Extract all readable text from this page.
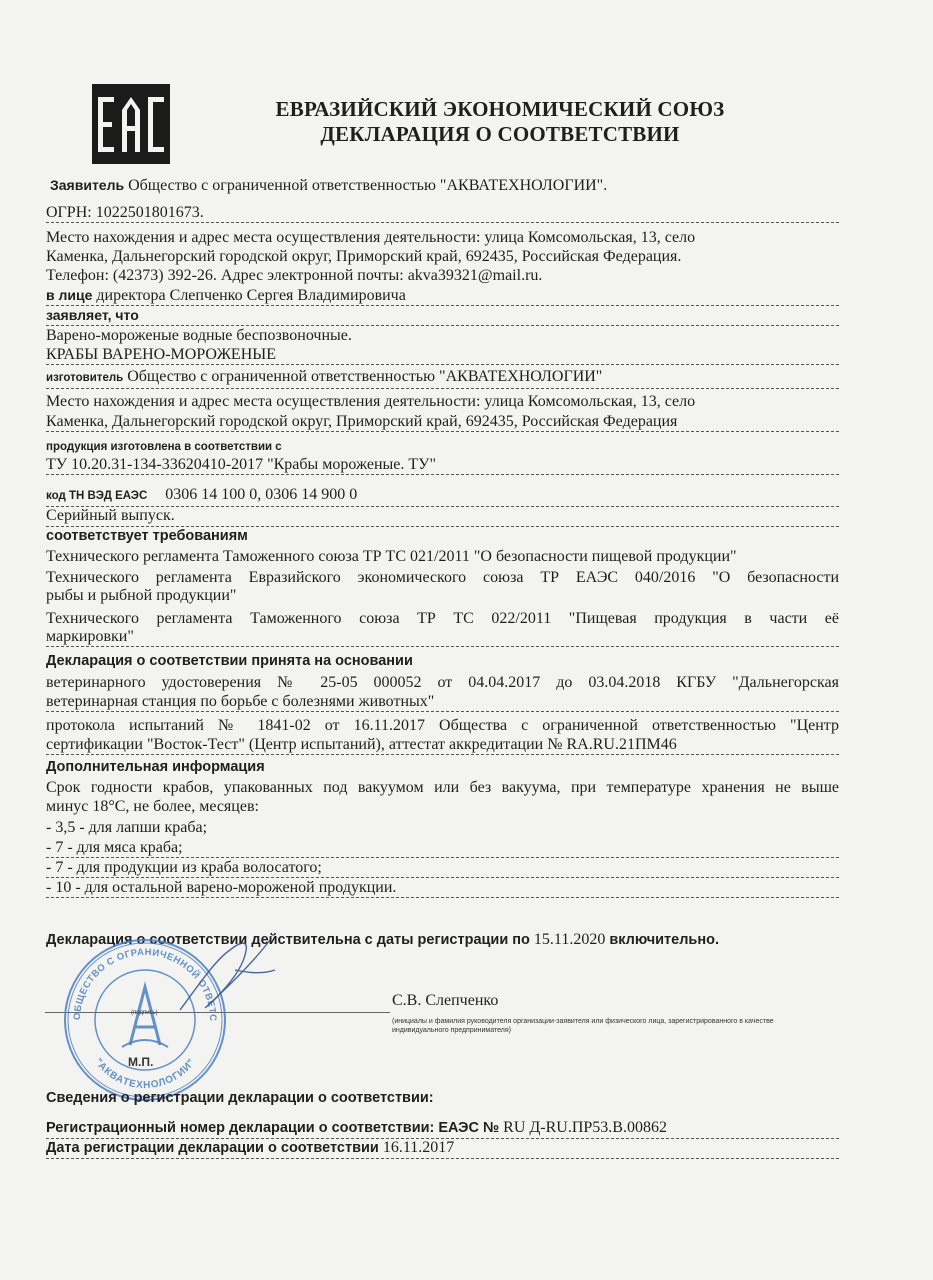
ЕВРАЗИЙСКИЙ ЭКОНОМИЧЕСКИЙ СОЮЗ
ДЕКЛАРАЦИЯ О СООТВЕТСТВИИ
Заявитель Общество с ограниченной ответственностью "АКВАТЕХНОЛОГИИ".
ОГРН: 1022501801673.
Место нахождения и адрес места осуществления деятельности: улица Комсомольская, 13, село
Каменка, Дальнегорский городской округ, Приморский край, 692435, Российская Федерация.
Телефон: (42373) 392-26. Адрес электронной почты: akva39321@mail.ru.
в лице директора Слепченко Сергея Владимировича
заявляет, что
Варено-мороженые водные беспозвоночные.
КРАБЫ ВАРЕНО-МОРОЖЕНЫЕ
изготовитель Общество с ограниченной ответственностью "АКВАТЕХНОЛОГИИ"
Место нахождения и адрес места осуществления деятельности: улица Комсомольская, 13, село
Каменка, Дальнегорский городской округ, Приморский край, 692435, Российская Федерация
продукция изготовлена в соответствии с
ТУ 10.20.31-134-33620410-2017 "Крабы мороженые. ТУ"
код ТН ВЭД ЕАЭС 0306 14 100 0, 0306 14 900 0
Серийный выпуск.
соответствует требованиям
Технического регламента Таможенного союза ТР ТС 021/2011 "О безопасности пищевой продукции"
Технического регламента Евразийского экономического союза ТР ЕАЭС 040/2016 "О безопасности
рыбы и рыбной продукции"
Технического регламента Таможенного союза ТР ТС 022/2011 "Пищевая продукция в части её
маркировки"
Декларация о соответствии принята на основании
ветеринарного удостоверения № 25-05 000052 от 04.04.2017 до 03.04.2018 КГБУ "Дальнегорская
ветеринарная станция по борьбе с болезнями животных"
протокола испытаний № 1841-02 от 16.11.2017 Общества с ограниченной ответственностью "Центр
сертификации "Восток-Тест" (Центр испытаний), аттестат аккредитации № RA.RU.21ПМ46
Дополнительная информация
Срок годности крабов, упакованных под вакуумом или без вакуума, при температуре хранения не выше
минус 18°С, не более, месяцев:
- 3,5 - для лапши краба;
- 7 - для мяса краба;
- 7 - для продукции из краба волосатого;
- 10 - для остальной варено-мороженой продукции.
Декларация о соответствии действительна с даты регистрации по 15.11.2020 включительно.
С.В. Слепченко
(инициалы и фамилия руководителя организации-заявителя или физического лица, зарегистрированного в качестве
индивидуального предпринимателя)
ОБЩЕСТВО С ОГРАНИЧЕННОЙ ОТВЕТС
"АКВАТЕХНОЛОГИИ"
(подпись)
М.П.
Сведения о регистрации декларации о соответствии:
Регистрационный номер декларации о соответствии: ЕАЭС № RU Д-RU.ПР53.В.00862
Дата регистрации декларации о соответствии 16.11.2017
